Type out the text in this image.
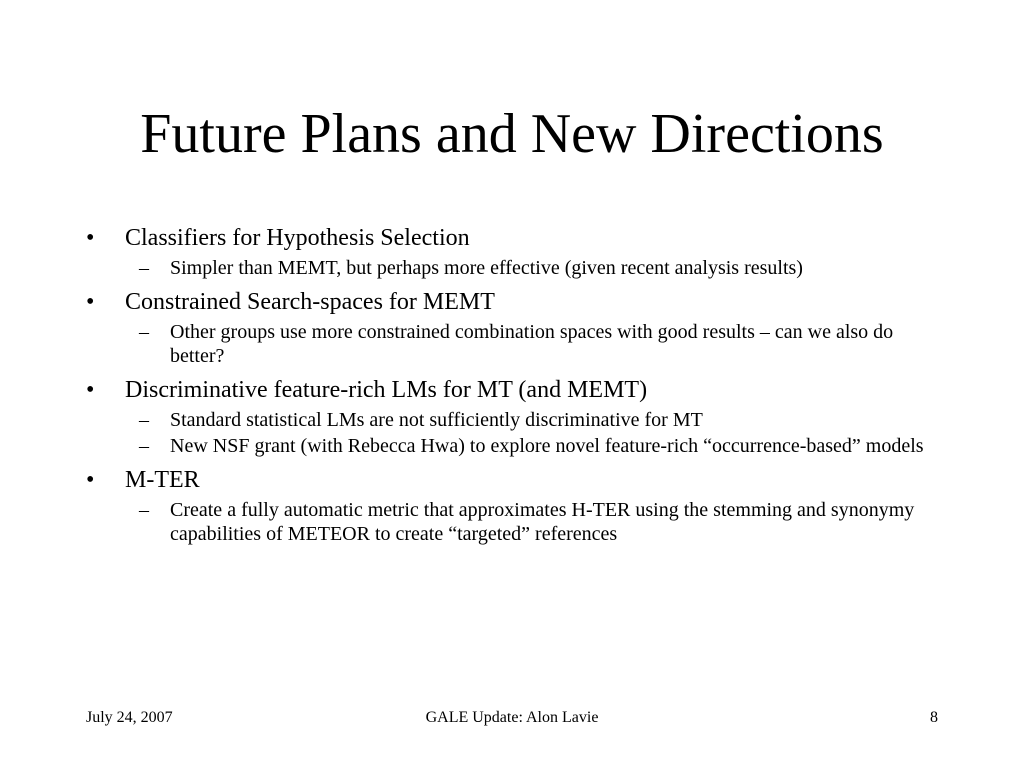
Future Plans and New Directions
•	Classifiers for Hypothesis Selection
– Simpler than MEMT, but perhaps more effective (given recent analysis results)
•	Constrained Search-spaces for MEMT
– Other groups use more constrained combination spaces with good results – can we also do better?
•	Discriminative feature-rich LMs for MT (and MEMT)
– Standard statistical LMs are not sufficiently discriminative for MT
– New NSF grant (with Rebecca Hwa) to explore novel feature-rich “occurrence-based” models
•	M-TER
– Create a fully automatic metric that approximates H-TER using the stemming and synonymy capabilities of METEOR to create “targeted” references
July 24, 2007	GALE Update: Alon Lavie	8
